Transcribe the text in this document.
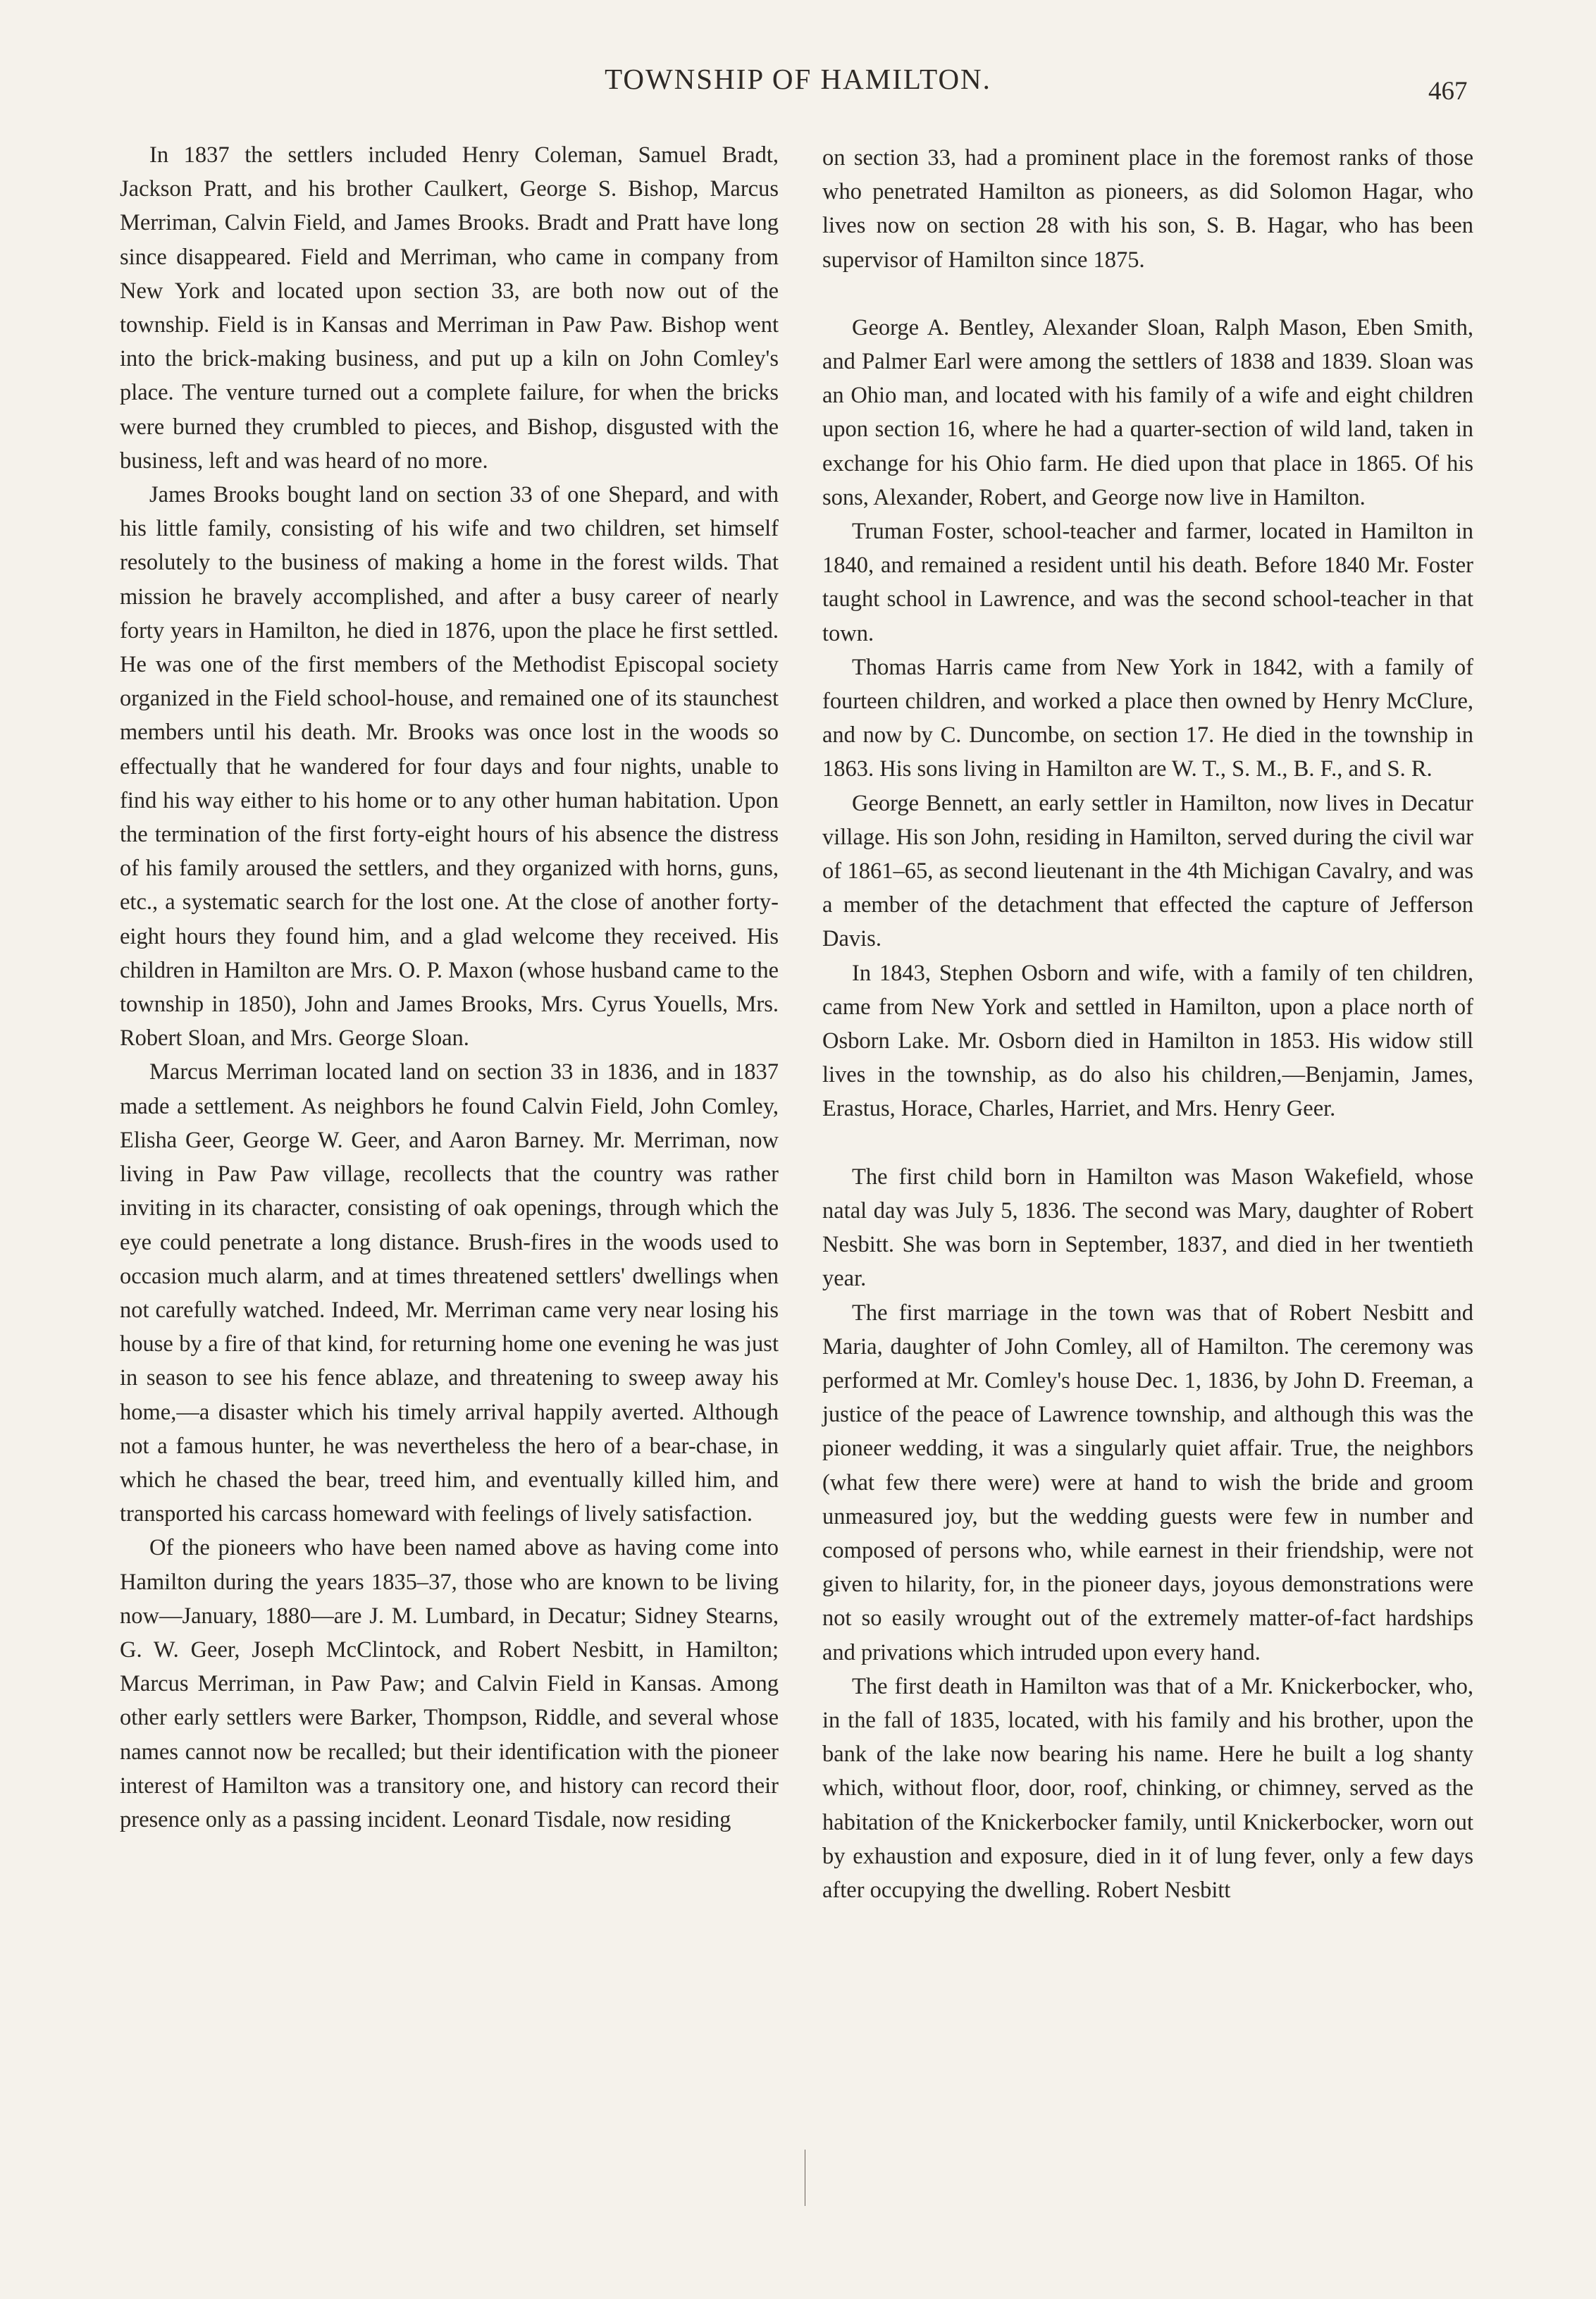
TOWNSHIP OF HAMILTON.	467

In 1837 the settlers included Henry Coleman, Samuel Bradt, Jackson Pratt, and his brother Caulkert, George S. Bishop, Marcus Merriman, Calvin Field, and James Brooks. Bradt and Pratt have long since disappeared. Field and Merriman, who came in company from New York and located upon section 33, are both now out of the township. Field is in Kansas and Merriman in Paw Paw. Bishop went into the brick-making business, and put up a kiln on John Comley's place. The venture turned out a complete failure, for when the bricks were burned they crumbled to pieces, and Bishop, disgusted with the business, left and was heard of no more.

James Brooks bought land on section 33 of one Shepard, and with his little family, consisting of his wife and two children, set himself resolutely to the business of making a home in the forest wilds. That mission he bravely accomplished, and after a busy career of nearly forty years in Hamilton, he died in 1876, upon the place he first settled. He was one of the first members of the Methodist Episcopal society organized in the Field school-house, and remained one of its staunchest members until his death. Mr. Brooks was once lost in the woods so effectually that he wandered for four days and four nights, unable to find his way either to his home or to any other human habitation. Upon the termination of the first forty-eight hours of his absence the distress of his family aroused the settlers, and they organized with horns, guns, etc., a systematic search for the lost one. At the close of another forty-eight hours they found him, and a glad welcome they received. His children in Hamilton are Mrs. O. P. Maxon (whose husband came to the township in 1850), John and James Brooks, Mrs. Cyrus Youells, Mrs. Robert Sloan, and Mrs. George Sloan.

Marcus Merriman located land on section 33 in 1836, and in 1837 made a settlement. As neighbors he found Calvin Field, John Comley, Elisha Geer, George W. Geer, and Aaron Barney. Mr. Merriman, now living in Paw Paw village, recollects that the country was rather inviting in its character, consisting of oak openings, through which the eye could penetrate a long distance. Brush-fires in the woods used to occasion much alarm, and at times threatened settlers' dwellings when not carefully watched. Indeed, Mr. Merriman came very near losing his house by a fire of that kind, for returning home one evening he was just in season to see his fence ablaze, and threatening to sweep away his home,—a disaster which his timely arrival happily averted. Although not a famous hunter, he was nevertheless the hero of a bear-chase, in which he chased the bear, treed him, and eventually killed him, and transported his carcass homeward with feelings of lively satisfaction.

Of the pioneers who have been named above as having come into Hamilton during the years 1835–37, those who are known to be living now—January, 1880—are J. M. Lumbard, in Decatur; Sidney Stearns, G. W. Geer, Joseph McClintock, and Robert Nesbitt, in Hamilton; Marcus Merriman, in Paw Paw; and Calvin Field in Kansas. Among other early settlers were Barker, Thompson, Riddle, and several whose names cannot now be recalled; but their identification with the pioneer interest of Hamilton was a transitory one, and history can record their presence only as a passing incident. Leonard Tisdale, now residing

on section 33, had a prominent place in the foremost ranks of those who penetrated Hamilton as pioneers, as did Solomon Hagar, who lives now on section 28 with his son, S. B. Hagar, who has been supervisor of Hamilton since 1875.

George A. Bentley, Alexander Sloan, Ralph Mason, Eben Smith, and Palmer Earl were among the settlers of 1838 and 1839. Sloan was an Ohio man, and located with his family of a wife and eight children upon section 16, where he had a quarter-section of wild land, taken in exchange for his Ohio farm. He died upon that place in 1865. Of his sons, Alexander, Robert, and George now live in Hamilton.

Truman Foster, school-teacher and farmer, located in Hamilton in 1840, and remained a resident until his death. Before 1840 Mr. Foster taught school in Lawrence, and was the second school-teacher in that town.

Thomas Harris came from New York in 1842, with a family of fourteen children, and worked a place then owned by Henry McClure, and now by C. Duncombe, on section 17. He died in the township in 1863. His sons living in Hamilton are W. T., S. M., B. F., and S. R.

George Bennett, an early settler in Hamilton, now lives in Decatur village. His son John, residing in Hamilton, served during the civil war of 1861–65, as second lieutenant in the 4th Michigan Cavalry, and was a member of the detachment that effected the capture of Jefferson Davis.

In 1843, Stephen Osborn and wife, with a family of ten children, came from New York and settled in Hamilton, upon a place north of Osborn Lake. Mr. Osborn died in Hamilton in 1853. His widow still lives in the township, as do also his children,—Benjamin, James, Erastus, Horace, Charles, Harriet, and Mrs. Henry Geer.

The first child born in Hamilton was Mason Wakefield, whose natal day was July 5, 1836. The second was Mary, daughter of Robert Nesbitt. She was born in September, 1837, and died in her twentieth year.

The first marriage in the town was that of Robert Nesbitt and Maria, daughter of John Comley, all of Hamilton. The ceremony was performed at Mr. Comley's house Dec. 1, 1836, by John D. Freeman, a justice of the peace of Lawrence township, and although this was the pioneer wedding, it was a singularly quiet affair. True, the neighbors (what few there were) were at hand to wish the bride and groom unmeasured joy, but the wedding guests were few in number and composed of persons who, while earnest in their friendship, were not given to hilarity, for, in the pioneer days, joyous demonstrations were not so easily wrought out of the extremely matter-of-fact hardships and privations which intruded upon every hand.

The first death in Hamilton was that of a Mr. Knickerbocker, who, in the fall of 1835, located, with his family and his brother, upon the bank of the lake now bearing his name. Here he built a log shanty which, without floor, door, roof, chinking, or chimney, served as the habitation of the Knickerbocker family, until Knickerbocker, worn out by exhaustion and exposure, died in it of lung fever, only a few days after occupying the dwelling. Robert Nesbitt
